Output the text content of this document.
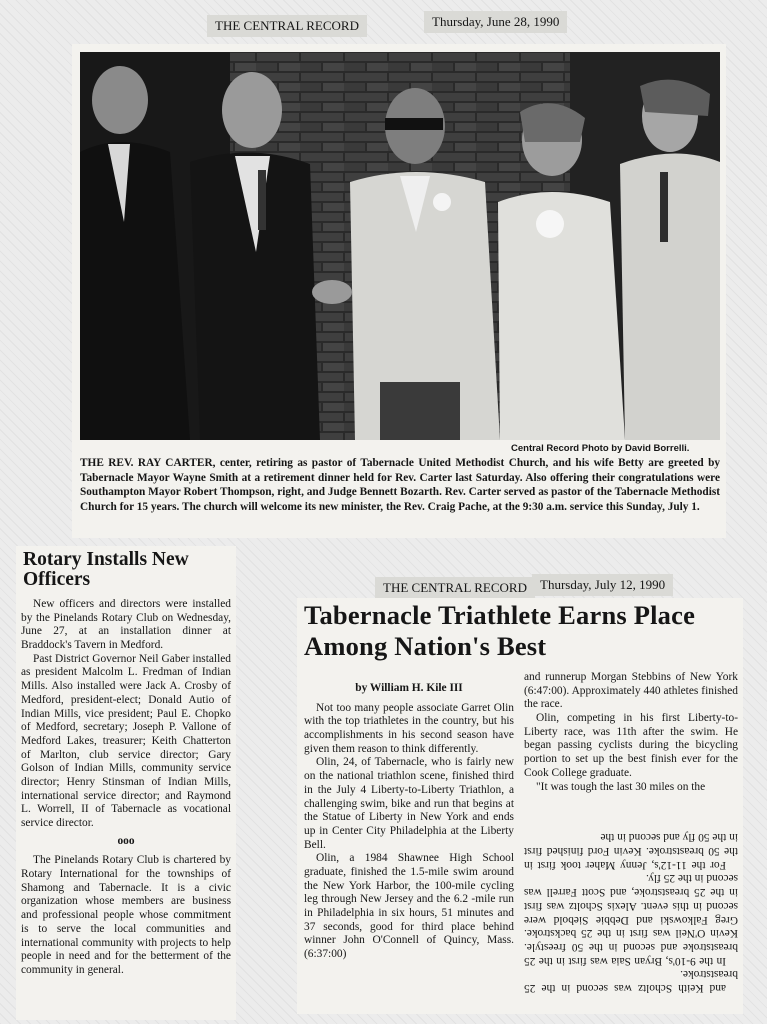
THE CENTRAL RECORD	Thursday, June 28, 1990
Central Record Photo by David Borrelli.

THE REV. RAY CARTER, center, retiring as pastor of Tabernacle United Methodist Church, and his wife Betty are greeted by Tabernacle Mayor Wayne Smith at a retirement dinner held for Rev. Carter last Saturday. Also offering their congratulations were Southampton Mayor Robert Thompson, right, and Judge Bennett Bozarth. Rev. Carter served as pastor of the Tabernacle Methodist Church for 15 years. The church will welcome its new minister, the Rev. Craig Pache, at the 9:30 a.m. service this Sunday, July 1.

Rotary Installs New Officers

New officers and directors were installed by the Pinelands Rotary Club on Wednesday, June 27, at an installation dinner at Braddock's Tavern in Medford.

Past District Governor Neil Gaber installed as president Malcolm L. Fredman of Indian Mills. Also installed were Jack A. Crosby of Medford, president-elect; Donald Autio of Indian Mills, vice president; Paul E. Chopko of Medford, secretary; Joseph P. Vallone of Medford Lakes, treasurer; Keith Chatterton of Marlton, club service director; Gary Golson of Indian Mills, community service director; Henry Stinsman of Indian Mills, international service director; and Raymond L. Worrell, II of Tabernacle as vocational service director.

ooo

The Pinelands Rotary Club is chartered by Rotary International for the townships of Shamong and Tabernacle. It is a civic organization whose members are business and professional people whose commitment is to serve the local communities and international community with projects to help people in need and for the betterment of the community in general.

THE CENTRAL RECORD	Thursday, July 12, 1990
Tabernacle Triathlete Earns Place Among Nation's Best

by William H. Kile III

Not too many people associate Garret Olin with the top triathletes in the country, but his accomplishments in his second season have given them reason to think differently.

Olin, 24, of Tabernacle, who is fairly new on the national triathlon scene, finished third in the July 4 Liberty-to-Liberty Triathlon, a challenging swim, bike and run that begins at the Statue of Liberty in New York and ends up in Center City Philadelphia at the Liberty Bell.

Olin, a 1984 Shawnee High School graduate, finished the 1.5-mile swim around the New York Harbor, the 100-mile cycling leg through New Jersey and the 6.2 -mile run in Philadelphia in six hours, 51 minutes and 37 seconds, good for third place behind winner John O'Connell of Quincy, Mass. (6:37:00)

and runnerup Morgan Stebbins of New York (6:47:00). Approximately 440 athletes finished the race.

Olin, competing in his first Liberty-to-Liberty race, was 11th after the swim. He began passing cyclists during the bicycling portion to set up the best finish ever for the Cook College graduate.

"It was tough the last 30 miles on the

and Keith Scholtz was second in the 25 breaststroke.

In the 9-10's, Bryan Saia was first in the 25 breaststroke and second in the 50 freestyle. Kevin O'Neil was first in the 25 backstroke. Greg Falkowski and Debbie Siebold were second in this event. Alexis Scholtz was first in the 25 breaststroke, and Scott Farrell was second in the 25 fly.

For the 11-12's, Jenny Maher took first in the 50 breaststroke. Kevin Ford finished first in the 50 fly and second in the
